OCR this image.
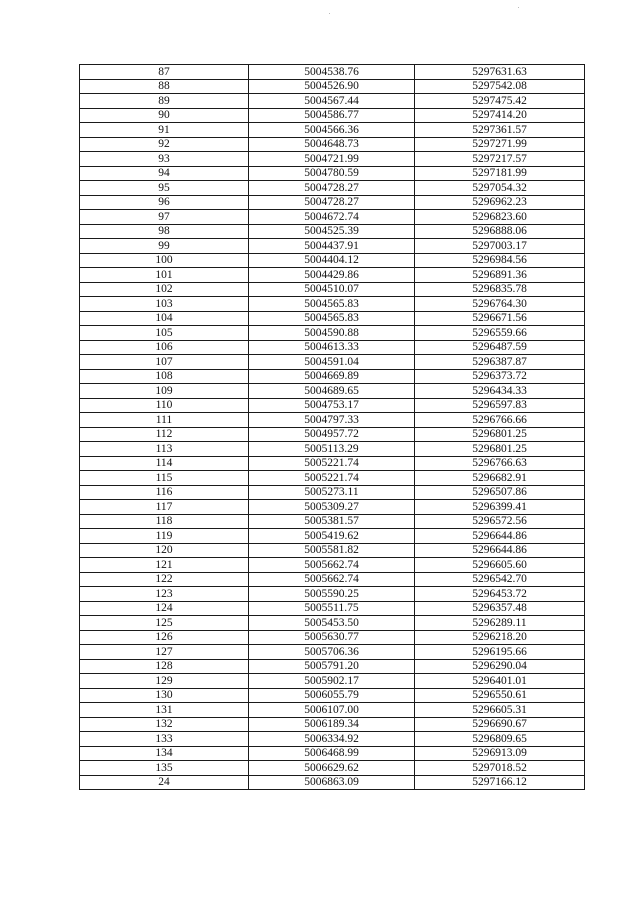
87	5004538.76	5297631.63
88	5004526.90	5297542.08
89	5004567.44	5297475.42
90	5004586.77	5297414.20
91	5004566.36	5297361.57
92	5004648.73	5297271.99
93	5004721.99	5297217.57
94	5004780.59	5297181.99
95	5004728.27	5297054.32
96	5004728.27	5296962.23
97	5004672.74	5296823.60
98	5004525.39	5296888.06
99	5004437.91	5297003.17
100	5004404.12	5296984.56
101	5004429.86	5296891.36
102	5004510.07	5296835.78
103	5004565.83	5296764.30
104	5004565.83	5296671.56
105	5004590.88	5296559.66
106	5004613.33	5296487.59
107	5004591.04	5296387.87
108	5004669.89	5296373.72
109	5004689.65	5296434.33
110	5004753.17	5296597.83
111	5004797.33	5296766.66
112	5004957.72	5296801.25
113	5005113.29	5296801.25
114	5005221.74	5296766.63
115	5005221.74	5296682.91
116	5005273.11	5296507.86
117	5005309.27	5296399.41
118	5005381.57	5296572.56
119	5005419.62	5296644.86
120	5005581.82	5296644.86
121	5005662.74	5296605.60
122	5005662.74	5296542.70
123	5005590.25	5296453.72
124	5005511.75	5296357.48
125	5005453.50	5296289.11
126	5005630.77	5296218.20
127	5005706.36	5296195.66
128	5005791.20	5296290.04
129	5005902.17	5296401.01
130	5006055.79	5296550.61
131	5006107.00	5296605.31
132	5006189.34	5296690.67
133	5006334.92	5296809.65
134	5006468.99	5296913.09
135	5006629.62	5297018.52
24	5006863.09	5297166.12
